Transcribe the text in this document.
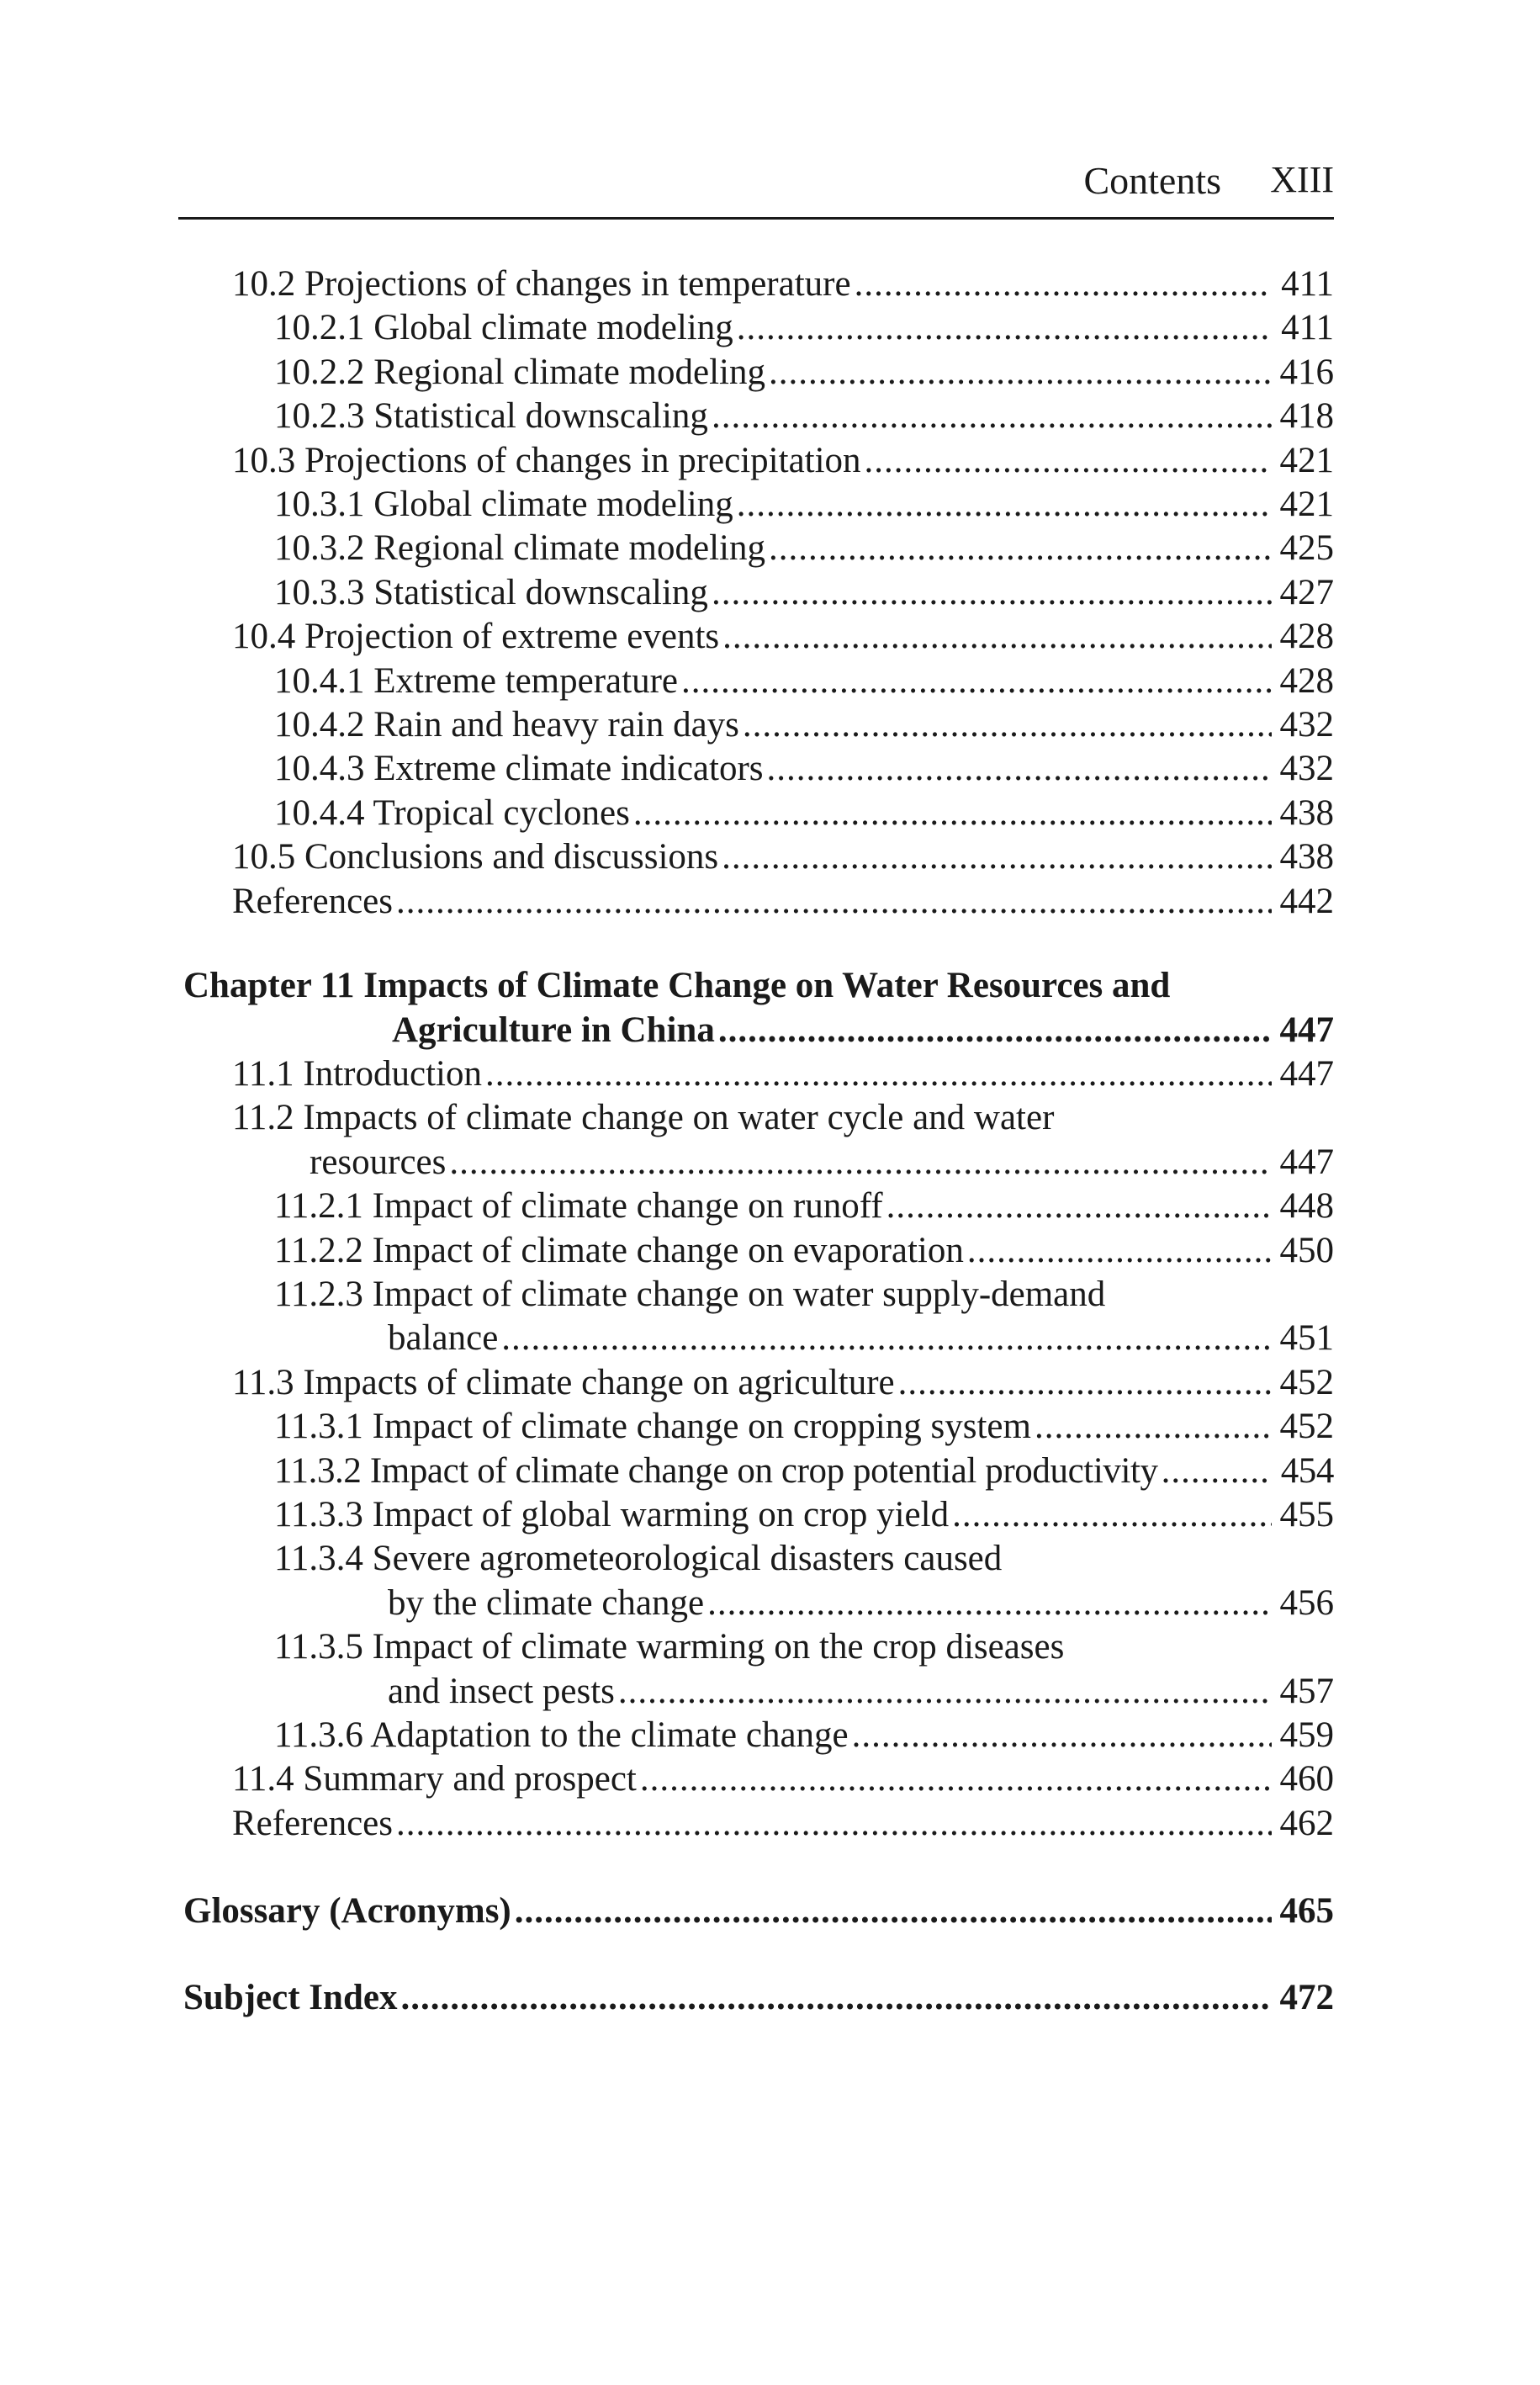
Contents XIII
10.2 Projections of changes in temperature .....	411
10.2.1 Global climate modeling .....	411
10.2.2 Regional climate modeling .....	416
10.2.3 Statistical downscaling .....	418
10.3 Projections of changes in precipitation .....	421
10.3.1 Global climate modeling .....	421
10.3.2 Regional climate modeling .....	425
10.3.3 Statistical downscaling .....	427
10.4 Projection of extreme events .....	428
10.4.1 Extreme temperature .....	428
10.4.2 Rain and heavy rain days .....	432
10.4.3 Extreme climate indicators .....	432
10.4.4 Tropical cyclones .....	438
10.5 Conclusions and discussions .....	438
References .....	442
Chapter 11 Impacts of Climate Change on Water Resources and
Agriculture in China .....	447
11.1 Introduction .....	447
11.2 Impacts of climate change on water cycle and water
resources .....	447
11.2.1 Impact of climate change on runoff .....	448
11.2.2 Impact of climate change on evaporation .....	450
11.2.3 Impact of climate change on water supply-demand
balance .....	451
11.3 Impacts of climate change on agriculture .....	452
11.3.1 Impact of climate change on cropping system .....	452
11.3.2 Impact of climate change on crop potential productivity .....	454
11.3.3 Impact of global warming on crop yield .....	455
11.3.4 Severe agrometeorological disasters caused
by the climate change .....	456
11.3.5 Impact of climate warming on the crop diseases
and insect pests .....	457
11.3.6 Adaptation to the climate change .....	459
11.4 Summary and prospect .....	460
References .....	462
Glossary (Acronyms) .....	465
Subject Index .....	472
